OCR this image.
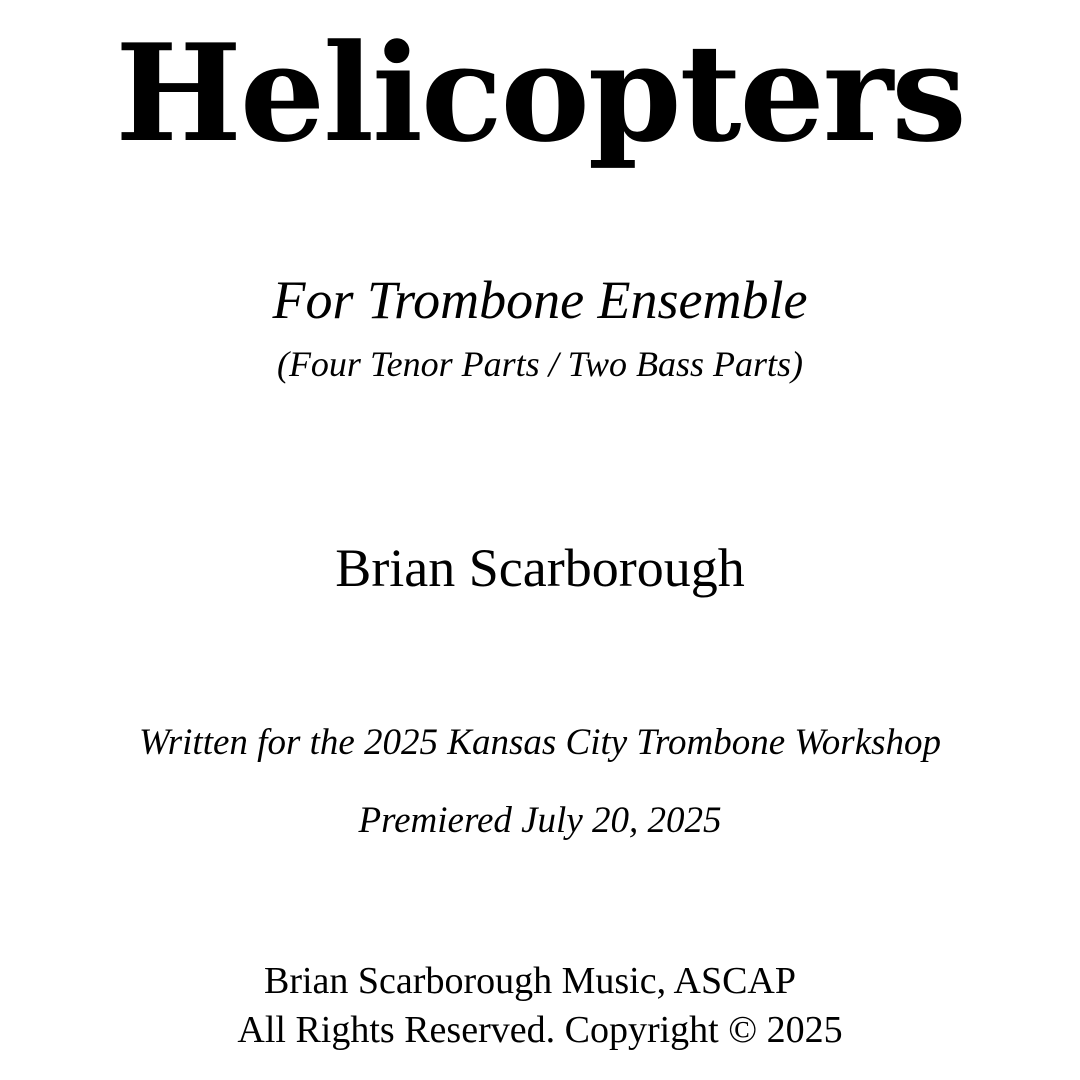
Helicopters
For Trombone Ensemble
(Four Tenor Parts / Two Bass Parts)
Brian Scarborough
Written for the 2025 Kansas City Trombone Workshop
Premiered July 20, 2025
Brian Scarborough Music, ASCAP
All Rights Reserved. Copyright © 2025
